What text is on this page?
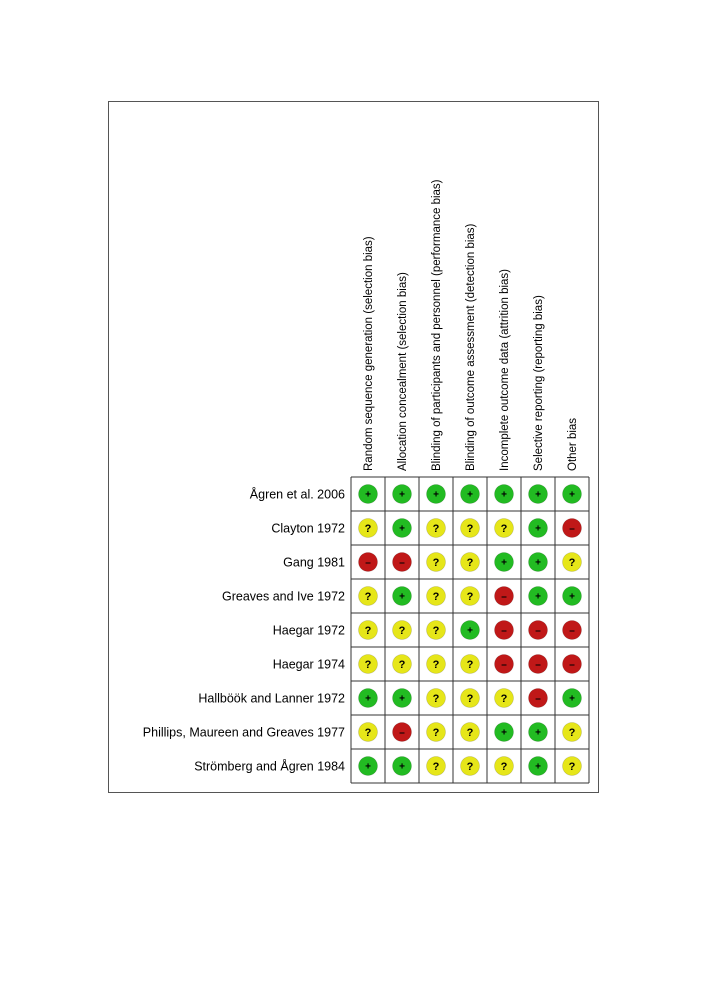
Random sequence generation (selection bias) Allocation concealment (selection bias) Blinding of participants and personnel (performance bias) Blinding of outcome assessment (detection bias) Incomplete outcome data (attrition bias) Selective reporting (reporting bias) Other bias
Ågren et al. 2006 +	+	+	+	+	+	+
Clayton 1972 ?	+	? ? ?	+	–
Gang 1981 –	–	? ?	+	+	?
Greaves and Ive 1972 ?	+	? ?	–	+	+
Haegar 1972 ? ? ?	+	–	–	–
Haegar 1974 ? ? ? ?	–	–	–
Hallböök and Lanner 1972 +	+	? ? ?	–	+
Phillips, Maureen and Greaves 1977 ?	–	? ?	+	+	?
Strömberg and Ågren 1984 +	+	? ? ?	+	?
